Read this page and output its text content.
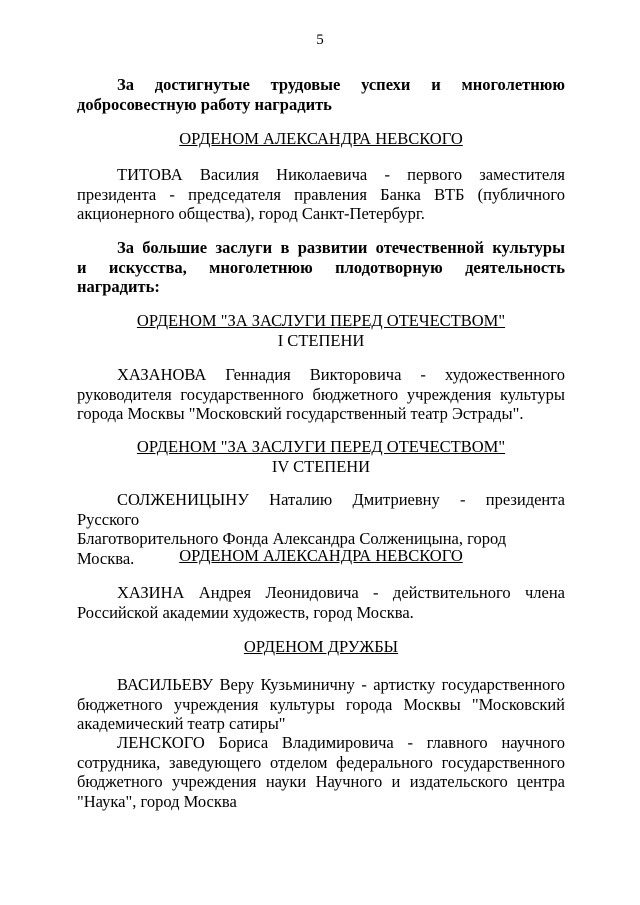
5
За достигнутые трудовые успехи и многолетнюю
добросовестную работу наградить
ОРДЕНОМ АЛЕКСАНДРА НЕВСКОГО
ТИТОВА Василия Николаевича - первого заместителя
президента - председателя правления Банка ВТБ (публичного
акционерного общества), город Санкт-Петербург.
За большие заслуги в развитии отечественной культуры
и искусства, многолетнюю плодотворную деятельность
наградить:
ОРДЕНОМ "ЗА ЗАСЛУГИ ПЕРЕД ОТЕЧЕСТВОМ"
I СТЕПЕНИ
ХАЗАНОВА Геннадия Викторовича - художественного
руководителя государственного бюджетного учреждения культуры
города Москвы "Московский государственный театр Эстрады".
ОРДЕНОМ "ЗА ЗАСЛУГИ ПЕРЕД ОТЕЧЕСТВОМ"
IV СТЕПЕНИ
СОЛЖЕНИЦЫНУ Наталию Дмитриевну - президента Русского
Благотворительного Фонда Александра Солженицына, город Москва.	ОРДЕНОМ АЛЕКСАНДРА НЕВСКОГО
ХАЗИНА Андрея Леонидовича - действительного члена
Российской академии художеств, город Москва.
ОРДЕНОМ ДРУЖБЫ
ВАСИЛЬЕВУ Веру Кузьминичну - артистку государственного
бюджетного учреждения культуры города Москвы "Московский
академический театр сатиры"
ЛЕНСКОГО Бориса Владимировича - главного научного
сотрудника, заведующего отделом федерального государственного
бюджетного учреждения науки Научного и издательского центра
"Наука", город Москва
